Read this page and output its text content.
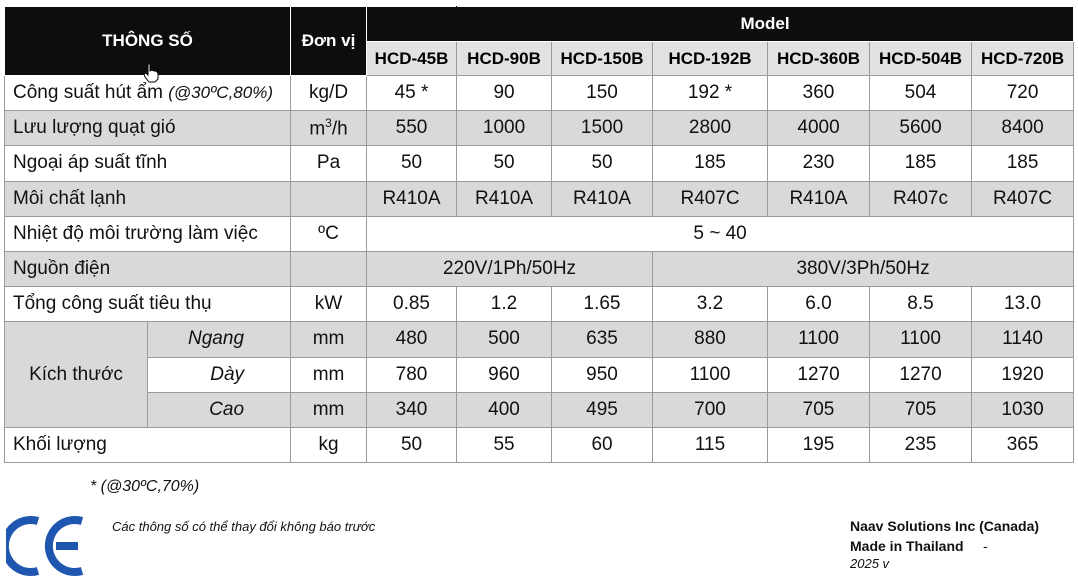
THÔNG SỐ		Đơn vị		Model					
			HCD-45B	HCD-90B	HCD-150B	HCD-192B	HCD-360B	HCD-504B	HCD-720B
Công suất hút ẩm (@30ºC,80%)		kg/D	45 *	90	150	192 *	360	504	720
Lưu lượng quạt gió		$m^3/h$	550	1000	1500	2800	4000	5600	8400
Ngoại áp suất tĩnh		Pa	50	50	50	185	230	185	185
Môi chất lạnh			R410A	R410A	R410A	R407C	R410A	R407c	R407C
Nhiệt độ môi trường làm việc		ºC	5 ~ 40						
Nguồn điện			220V/1Ph/50Hz			380V/3Ph/50Hz			
Tổng công suất tiêu thụ		kW	0.85	1.2	1.65	3.2	6.0	8.5	13.0
Kích thước	Ngang	mm	480	500	635	880	1100	1100	1140
	Dày	mm	780	960	950	1100	1270	1270	1920
	Cao	mm	340	400	495	700	705	705	1030
Khối lượng		kg	50	55	60	115	195	235	365
* (@30ºC,70%)
Các thông số có thể thay đổi không báo trước	Naav Solutions Inc (Canada)
Made in Thailand -
2025 v
